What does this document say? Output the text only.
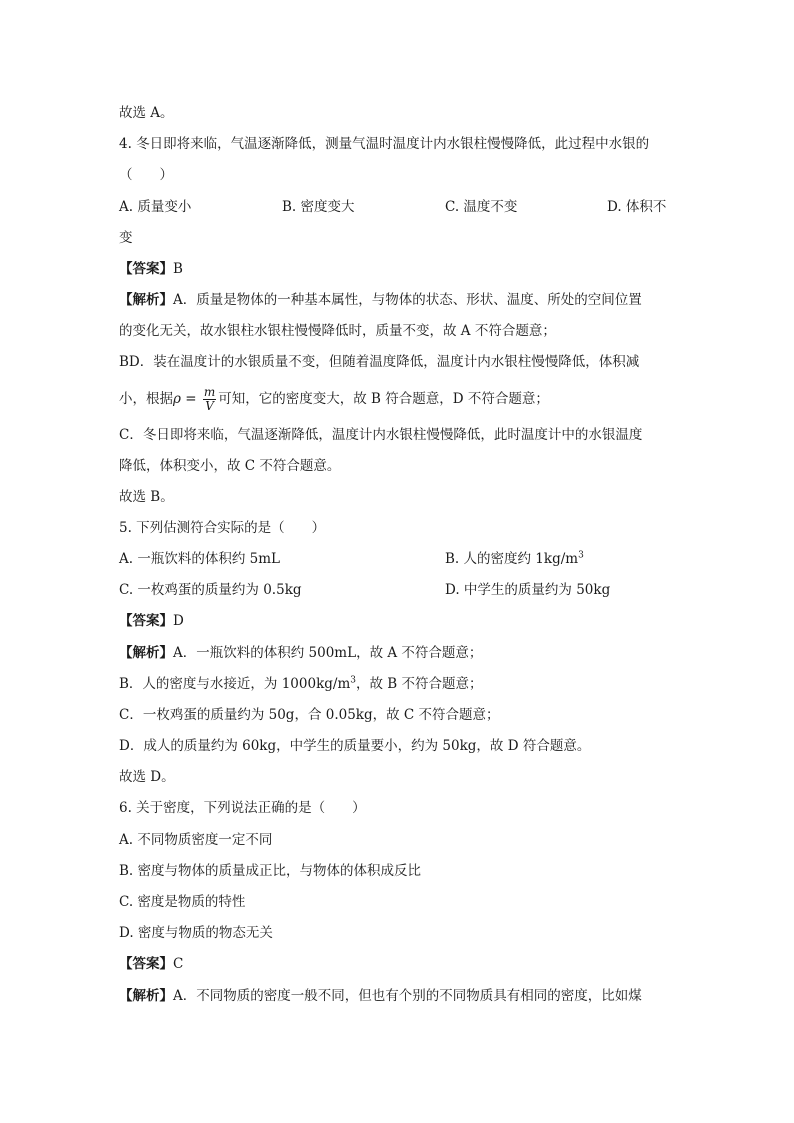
故选 A。
4. 冬日即将来临，气温逐渐降低，测量气温时温度计内水银柱慢慢降低，此过程中水银的
（　　）
A. 质量变小	B. 密度变大	C. 温度不变	D. 体积不
变
【答案】B
【解析】A．质量是物体的一种基本属性，与物体的状态、形状、温度、所处的空间位置
的变化无关，故水银柱水银柱慢慢降低时，质量不变，故 A 不符合题意；
BD．装在温度计的水银质量不变，但随着温度降低，温度计内水银柱慢慢降低，体积减
小，根据$\rho = \frac{m}{V}$ 可知，它的密度变大，故 B 符合题意，D 不符合题意；
C．冬日即将来临，气温逐渐降低，温度计内水银柱慢慢降低，此时温度计中的水银温度
降低，体积变小，故 C 不符合题意。
故选 B。
5. 下列估测符合实际的是（　　）
A. 一瓶饮料的体积约 5mL	B. 人的密度约 $1kg/m^3$
C. 一枚鸡蛋的质量约为 0.5kg	D. 中学生的质量约为 50kg
【答案】D
【解析】A．一瓶饮料的体积约 500mL，故 A 不符合题意；
B．人的密度与水接近，为 $1000kg/m^3$，故 B 不符合题意；
C．一枚鸡蛋的质量约为 50g，合 0.05kg，故 C 不符合题意；
D．成人的质量约为 60kg，中学生的质量要小，约为 50kg，故 D 符合题意。
故选 D。
6. 关于密度，下列说法正确的是（　　）
A. 不同物质密度一定不同
B. 密度与物体的质量成正比，与物体的体积成反比
C. 密度是物质的特性
D. 密度与物质的物态无关
【答案】C
【解析】A．不同物质的密度一般不同，但也有个别的不同物质具有相同的密度，比如煤
